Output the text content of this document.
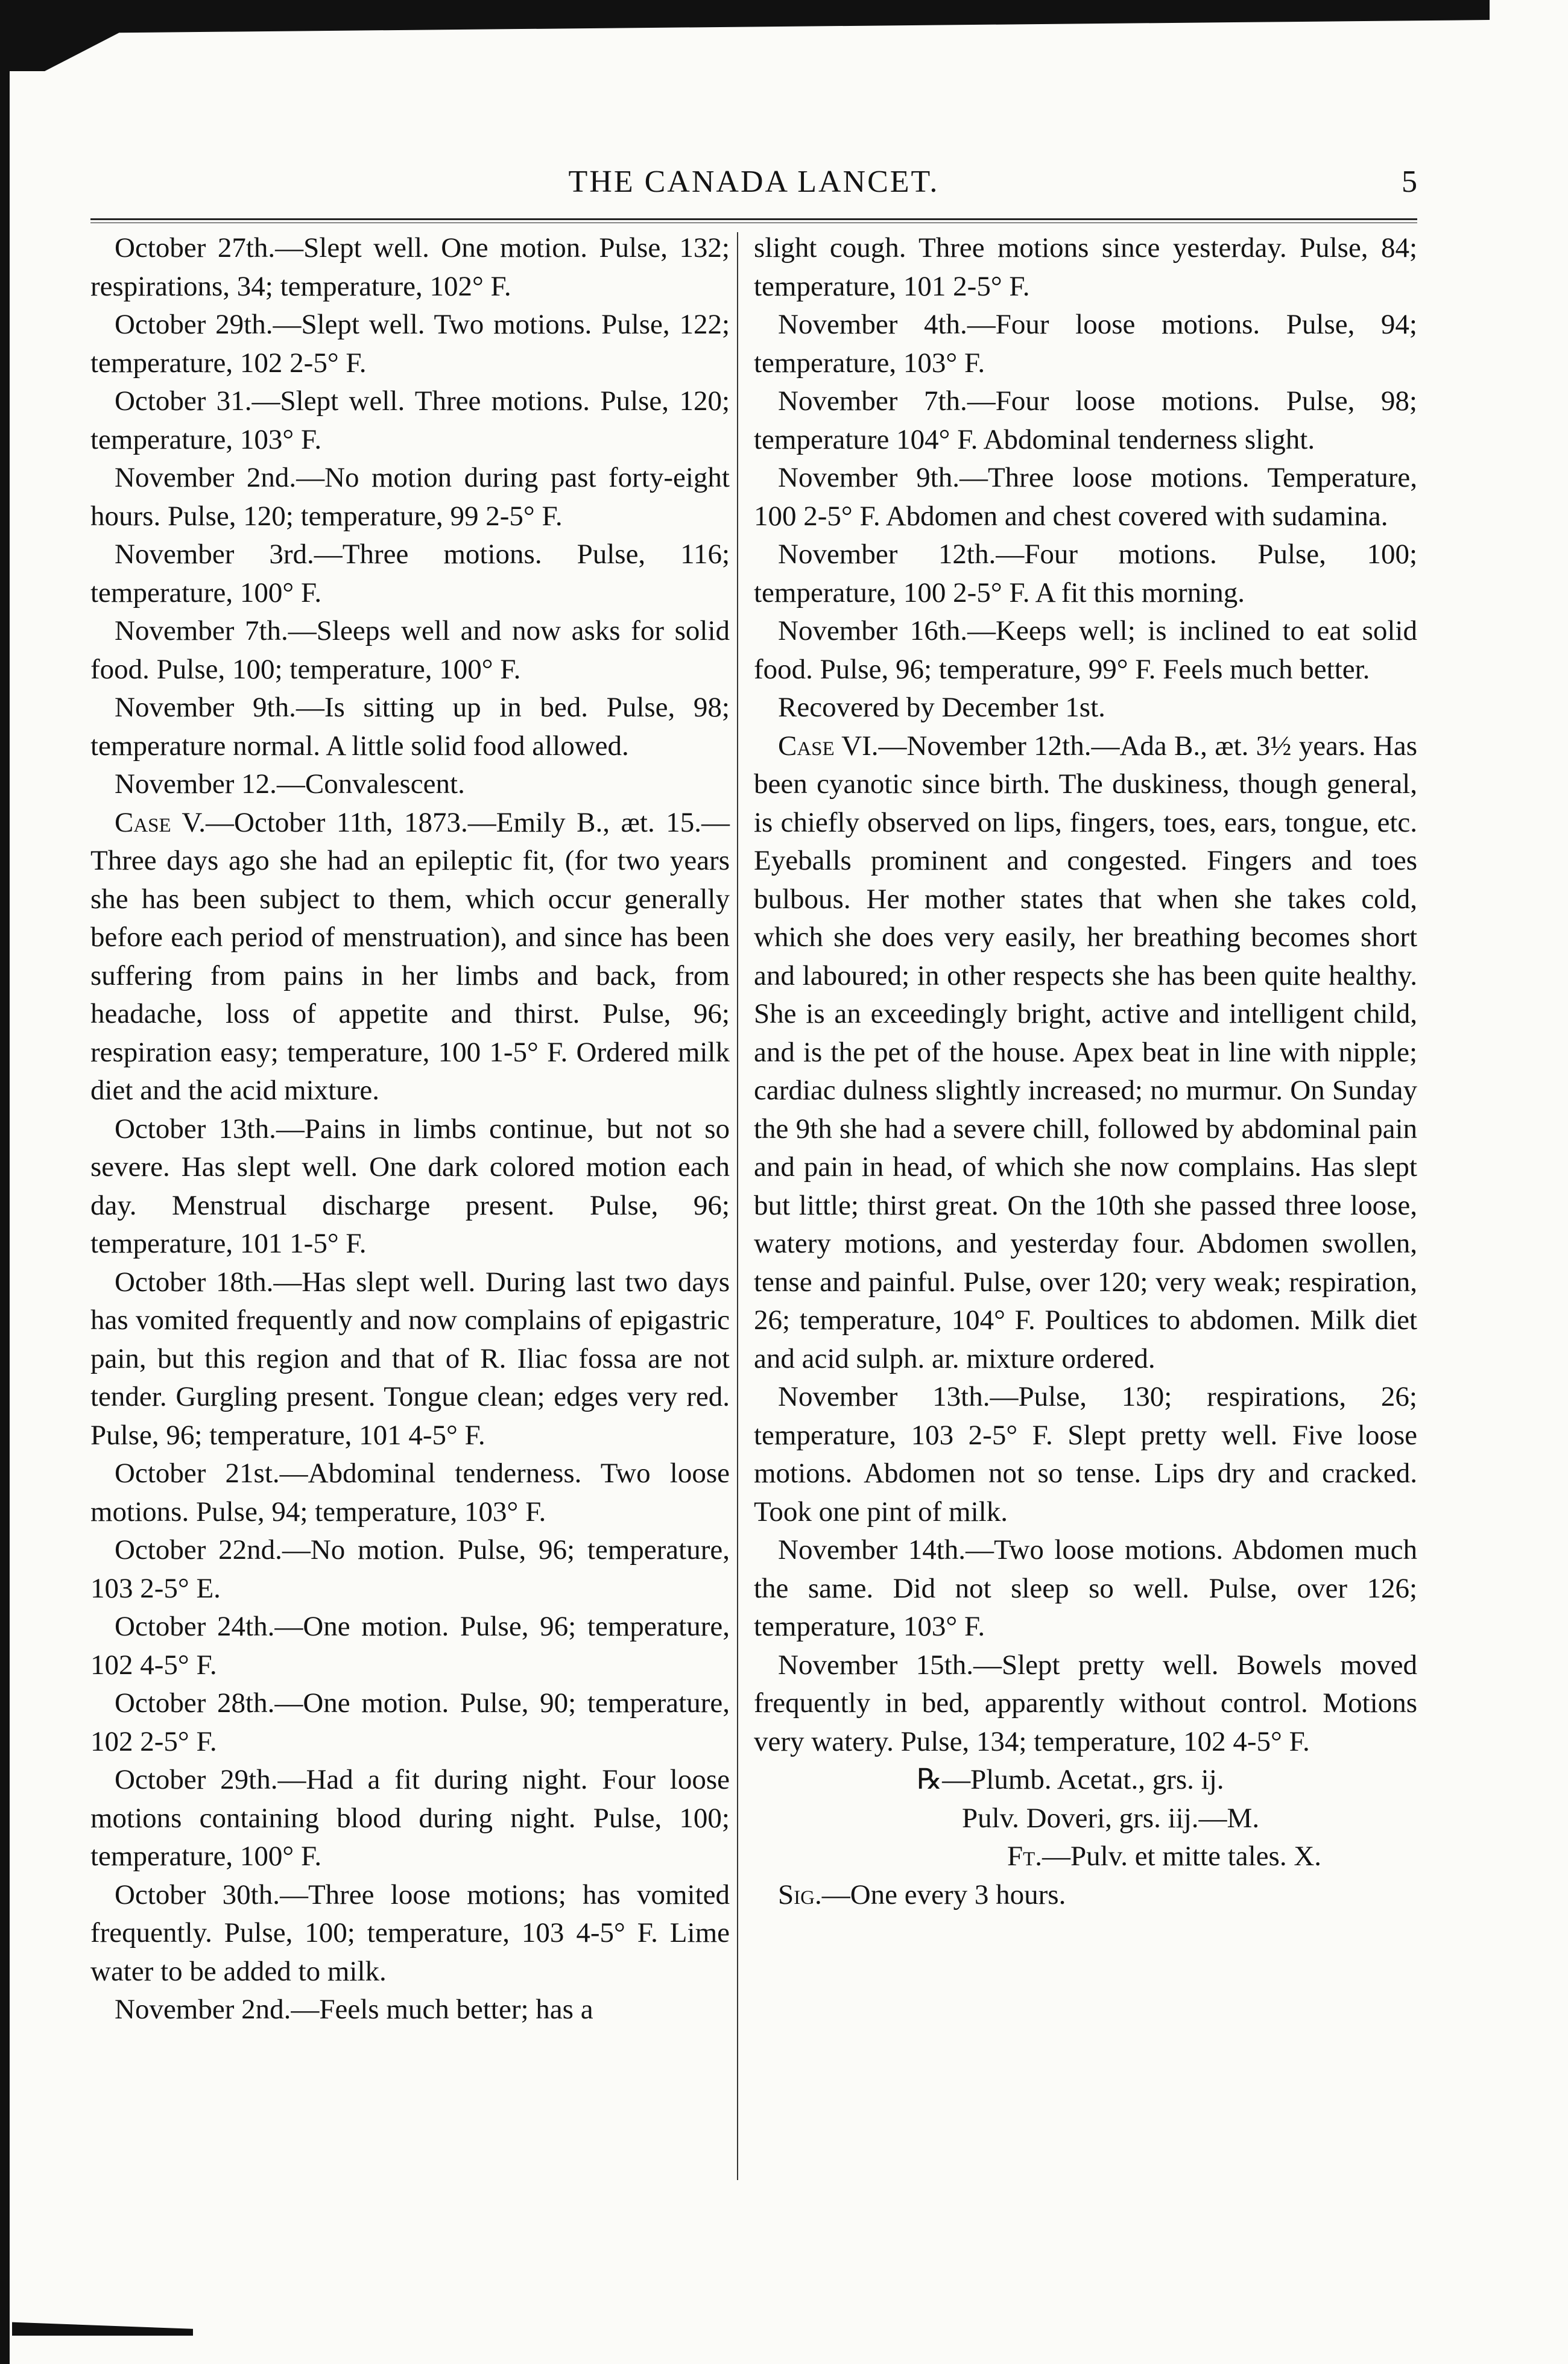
THE CANADA LANCET.	5

October 27th.—Slept well. One motion. Pulse, 132; respirations, 34; temperature, 102° F.

October 29th.—Slept well. Two motions. Pulse, 122; temperature, 102 2-5° F.

October 31.—Slept well. Three motions. Pulse, 120; temperature, 103° F.

November 2nd.—No motion during past forty-eight hours. Pulse, 120; temperature, 99 2-5° F.

November 3rd.—Three motions. Pulse, 116; temperature, 100° F.

November 7th.—Sleeps well and now asks for solid food. Pulse, 100; temperature, 100° F.

November 9th.—Is sitting up in bed. Pulse, 98; temperature normal. A little solid food allowed.

November 12.—Convalescent.

Case V.—October 11th, 1873.—Emily B., æt. 15.—Three days ago she had an epileptic fit, (for two years she has been subject to them, which occur generally before each period of menstruation), and since has been suffering from pains in her limbs and back, from headache, loss of appetite and thirst. Pulse, 96; respiration easy; temperature, 100 1-5° F. Ordered milk diet and the acid mixture.

October 13th.—Pains in limbs continue, but not so severe. Has slept well. One dark colored motion each day. Menstrual discharge present. Pulse, 96; temperature, 101 1-5° F.

October 18th.—Has slept well. During last two days has vomited frequently and now complains of epigastric pain, but this region and that of R. Iliac fossa are not tender. Gurgling present. Tongue clean; edges very red. Pulse, 96; temperature, 101 4-5° F.

October 21st.—Abdominal tenderness. Two loose motions. Pulse, 94; temperature, 103° F.

October 22nd.—No motion. Pulse, 96; temperature, 103 2-5° E.

October 24th.—One motion. Pulse, 96; temperature, 102 4-5° F.

October 28th.—One motion. Pulse, 90; temperature, 102 2-5° F.

October 29th.—Had a fit during night. Four loose motions containing blood during night. Pulse, 100; temperature, 100° F.

October 30th.—Three loose motions; has vomited frequently. Pulse, 100; temperature, 103 4-5° F. Lime water to be added to milk.

November 2nd.—Feels much better; has a

slight cough. Three motions since yesterday. Pulse, 84; temperature, 101 2-5° F.

November 4th.—Four loose motions. Pulse, 94; temperature, 103° F.

November 7th.—Four loose motions. Pulse, 98; temperature 104° F. Abdominal tenderness slight.

November 9th.—Three loose motions. Temperature, 100 2-5° F. Abdomen and chest covered with sudamina.

November 12th.—Four motions. Pulse, 100; temperature, 100 2-5° F. A fit this morning.

November 16th.—Keeps well; is inclined to eat solid food. Pulse, 96; temperature, 99° F. Feels much better.

Recovered by December 1st.

Case VI.—November 12th.—Ada B., æt. 3½ years. Has been cyanotic since birth. The duskiness, though general, is chiefly observed on lips, fingers, toes, ears, tongue, etc. Eyeballs prominent and congested. Fingers and toes bulbous. Her mother states that when she takes cold, which she does very easily, her breathing becomes short and laboured; in other respects she has been quite healthy. She is an exceedingly bright, active and intelligent child, and is the pet of the house. Apex beat in line with nipple; cardiac dulness slightly increased; no murmur. On Sunday the 9th she had a severe chill, followed by abdominal pain and pain in head, of which she now complains. Has slept but little; thirst great. On the 10th she passed three loose, watery motions, and yesterday four. Abdomen swollen, tense and painful. Pulse, over 120; very weak; respiration, 26; temperature, 104° F. Poultices to abdomen. Milk diet and acid sulph. ar. mixture ordered.

November 13th.—Pulse, 130; respirations, 26; temperature, 103 2-5° F. Slept pretty well. Five loose motions. Abdomen not so tense. Lips dry and cracked. Took one pint of milk.

November 14th.—Two loose motions. Abdomen much the same. Did not sleep so well. Pulse, over 126; temperature, 103° F.

November 15th.—Slept pretty well. Bowels moved frequently in bed, apparently without control. Motions very watery. Pulse, 134; temperature, 102 4-5° F.

℞—Plumb. Acetat., grs. ij.

Pulv. Doveri, grs. iij.—M.

Ft.—Pulv. et mitte tales. X.

Sig.—One every 3 hours.
